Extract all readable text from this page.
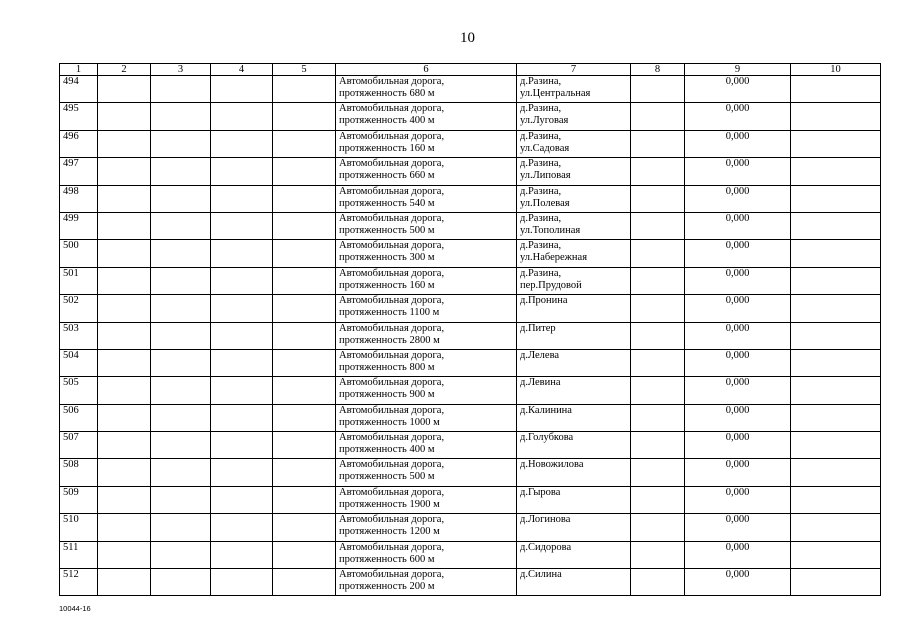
10
1	2	3	4	5	6	7	8	9	10

494					Автомобильная дорога,
протяженность 680 м	д.Разина,
ул.Центральная		0,000	

495					Автомобильная дорога,
протяженность 400 м	д.Разина,
ул.Луговая		0,000	

496					Автомобильная дорога,
протяженность 160 м	д.Разина,
ул.Садовая		0,000	

497					Автомобильная дорога,
протяженность 660 м	д.Разина,
ул.Липовая		0,000	

498					Автомобильная дорога,
протяженность 540 м	д.Разина,
ул.Полевая		0,000	

499					Автомобильная дорога,
протяженность 500 м	д.Разина,
ул.Тополиная		0,000	

500					Автомобильная дорога,
протяженность 300 м	д.Разина,
ул.Набережная		0,000	

501					Автомобильная дорога,
протяженность 160 м	д.Разина,
пер.Прудовой		0,000	

502					Автомобильная дорога,
протяженность 1100 м	д.Пронина		0,000	

503					Автомобильная дорога,
протяженность 2800 м	д.Питер		0,000	

504					Автомобильная дорога,
протяженность 800 м	д.Лелева		0,000	

505					Автомобильная дорога,
протяженность 900 м	д.Левина		0,000	

506					Автомобильная дорога,
протяженность 1000 м	д.Калинина		0,000	

507					Автомобильная дорога,
протяженность 400 м	д.Голубкова		0,000	

508					Автомобильная дорога,
протяженность 500 м	д.Новожилова		0,000	

509					Автомобильная дорога,
протяженность 1900 м	д.Гырова		0,000	

510					Автомобильная дорога,
протяженность 1200 м	д.Логинова		0,000	

511					Автомобильная дорога,
протяженность 600 м	д.Сидорова		0,000	

512					Автомобильная дорога,
протяженность 200 м	д.Силина		0,000	

10044-16
